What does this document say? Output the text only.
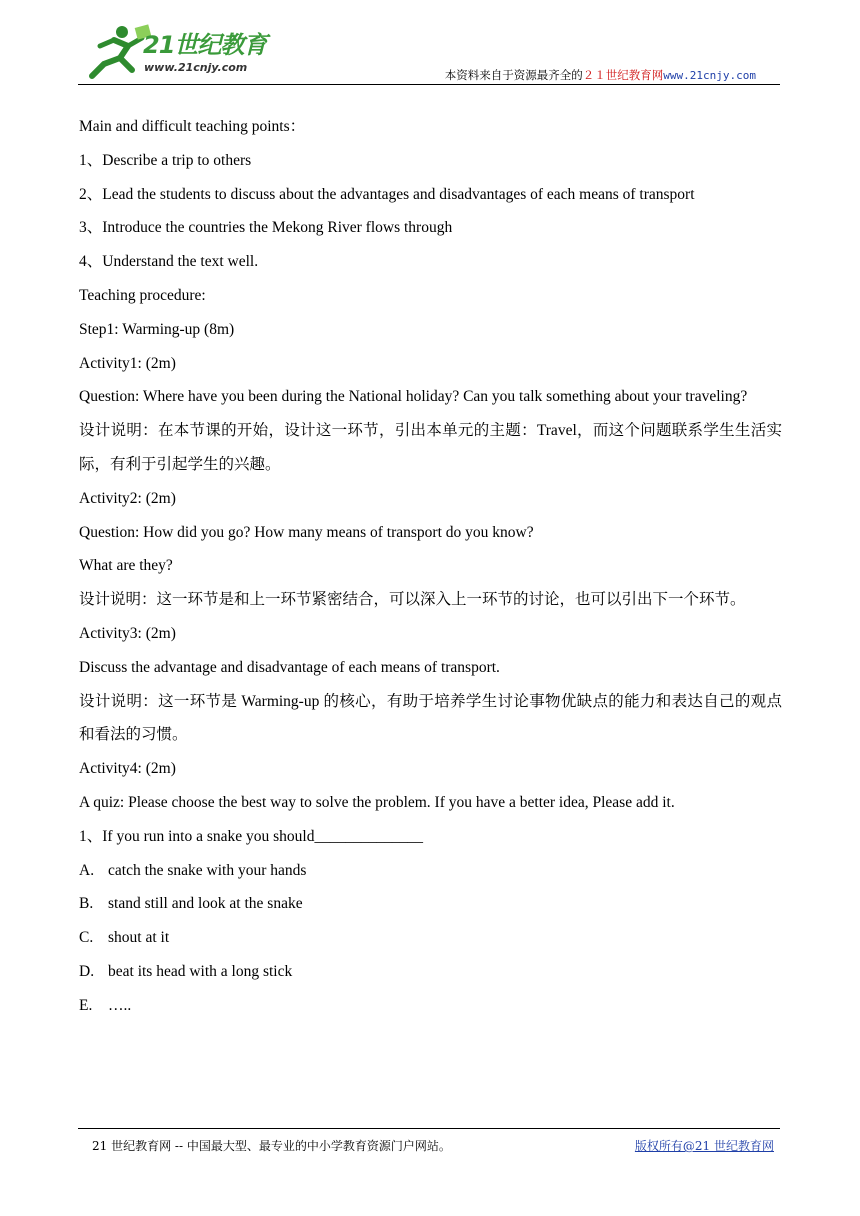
21世纪教育
www.21cnjy.com
本资料来自于资源最齐全的２１世纪教育网www.21cnjy.com
Main and difficult teaching points：
1、Describe a trip to others
2、Lead the students to discuss about the advantages and disadvantages of each means of transport
3、Introduce the countries the Mekong River flows through
4、Understand the text well.
Teaching procedure:
Step1: Warming-up (8m)
Activity1: (2m)
Question: Where have you been during the National holiday? Can you talk something about your traveling?
设计说明：在本节课的开始，设计这一环节，引出本单元的主题：Travel，而这个问题联系学生生活实际，有利于引起学生的兴趣。
Activity2: (2m)
Question: How did you go? How many means of transport do you know?
What are they?
设计说明：这一环节是和上一环节紧密结合，可以深入上一环节的讨论，也可以引出下一个环节。
Activity3: (2m)
Discuss the advantage and disadvantage of each means of transport.
设计说明：这一环节是 Warming-up 的核心，有助于培养学生讨论事物优缺点的能力和表达自己的观点和看法的习惯。
Activity4: (2m)
A quiz: Please choose the best way to solve the problem. If you have a better idea, Please add it.
1、If you run into a snake you should______________
A. catch the snake with your hands
B. stand still and look at the snake
C. shout at it
D. beat its head with a long stick
E. …..
21 世纪教育网 -- 中国最大型、最专业的中小学教育资源门户网站。	版权所有@21 世纪教育网
